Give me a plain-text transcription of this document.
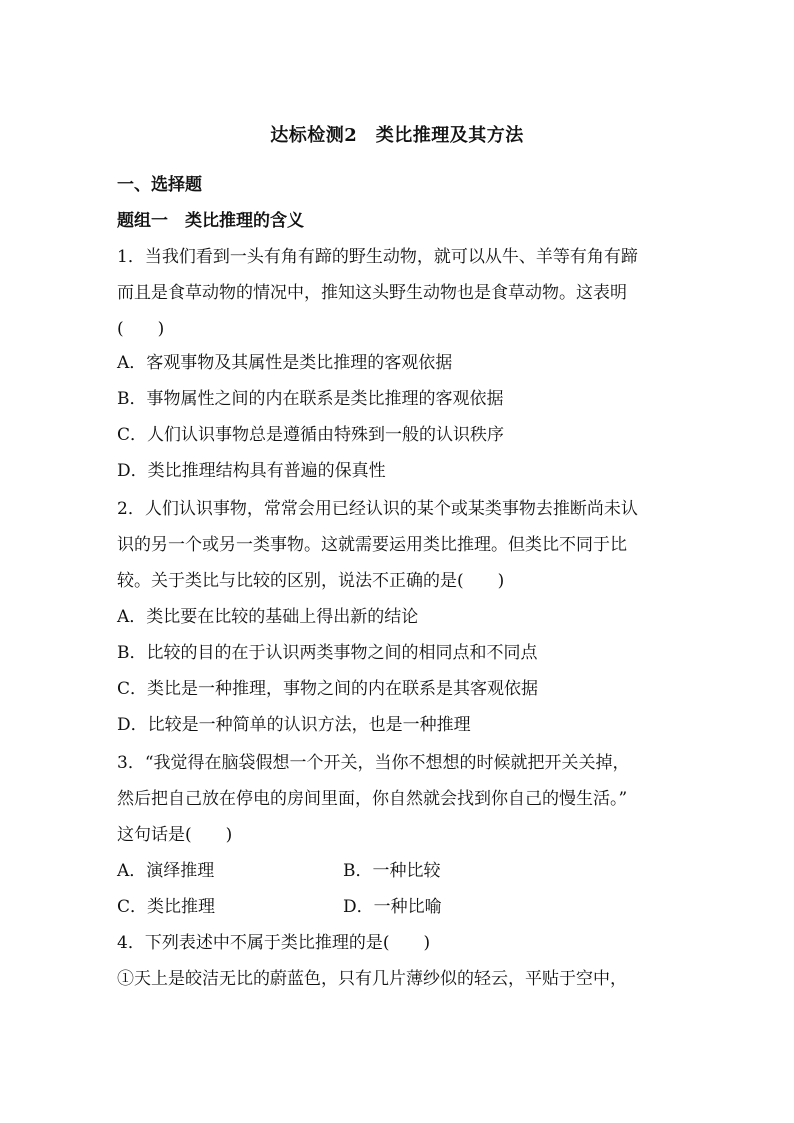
达标检测2　类比推理及其方法
一、选择题
题组一　类比推理的含义
1．当我们看到一头有角有蹄的野生动物，就可以从牛、羊等有角有蹄
而且是食草动物的情况中，推知这头野生动物也是食草动物。这表明
(　　)
A．客观事物及其属性是类比推理的客观依据
B．事物属性之间的内在联系是类比推理的客观依据
C．人们认识事物总是遵循由特殊到一般的认识秩序
D．类比推理结构具有普遍的保真性
2．人们认识事物，常常会用已经认识的某个或某类事物去推断尚未认
识的另一个或另一类事物。这就需要运用类比推理。但类比不同于比
较。关于类比与比较的区别，说法不正确的是(　　)
A．类比要在比较的基础上得出新的结论
B．比较的目的在于认识两类事物之间的相同点和不同点
C．类比是一种推理，事物之间的内在联系是其客观依据
D．比较是一种简单的认识方法，也是一种推理
3．“我觉得在脑袋假想一个开关，当你不想想的时候就把开关关掉，
然后把自己放在停电的房间里面，你自然就会找到你自己的慢生活。”
这句话是(　　)
A．演绎推理	B．一种比较
C．类比推理	D．一种比喻
4．下列表述中不属于类比推理的是(　　)
①天上是皎洁无比的蔚蓝色，只有几片薄纱似的轻云，平贴于空中，
